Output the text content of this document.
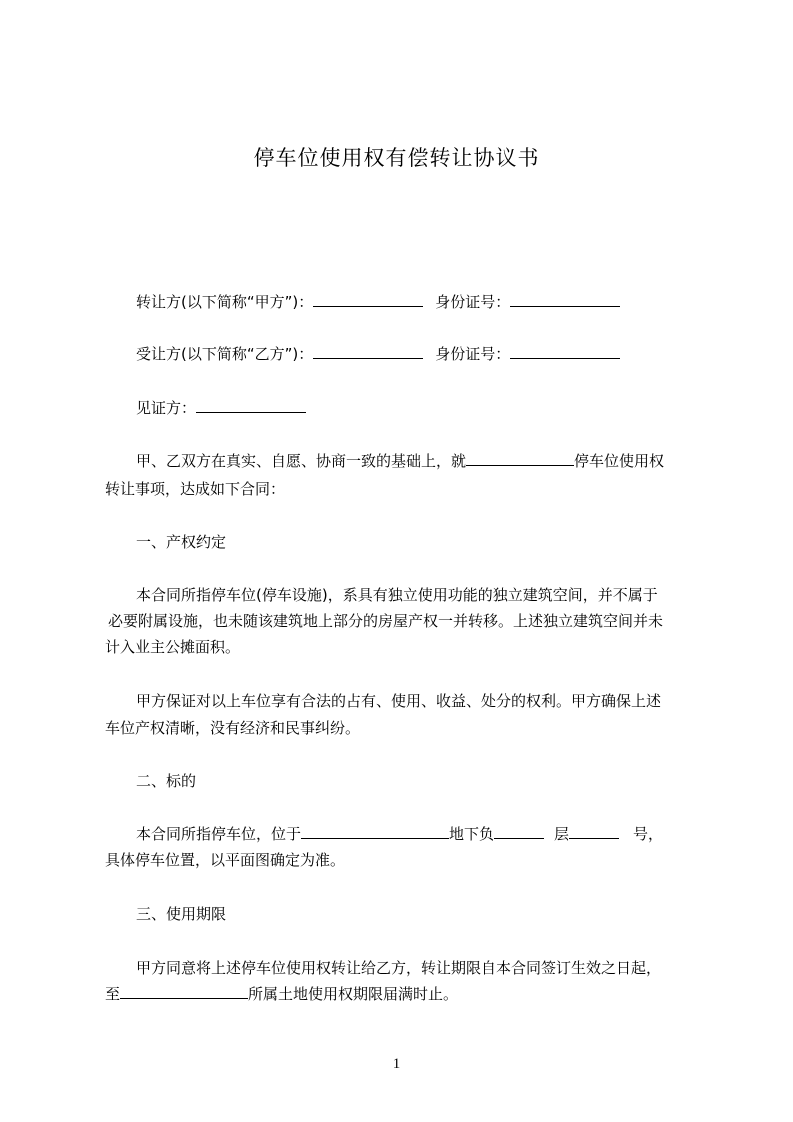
停车位使用权有偿转让协议书
转让方(以下简称“甲方”)：	身份证号：
受让方(以下简称“乙方”)：	身份证号：
见证方：
甲、乙双方在真实、自愿、协商一致的基础上，就	停车位使用权
转让事项，达成如下合同：
一、产权约定
本合同所指停车位(停车设施)，系具有独立使用功能的独立建筑空间，并不属于
必要附属设施，也未随该建筑地上部分的房屋产权一并转移。上述独立建筑空间并未
计入业主公摊面积。
甲方保证对以上车位享有合法的占有、使用、收益、处分的权利。甲方确保上述
车位产权清晰，没有经济和民事纠纷。
二、标的
本合同所指停车位，位于	地下负	层	号，
具体停车位置，以平面图确定为准。
三、使用期限
甲方同意将上述停车位使用权转让给乙方，转让期限自本合同签订生效之日起，
至	所属土地使用权期限届满时止。
1
